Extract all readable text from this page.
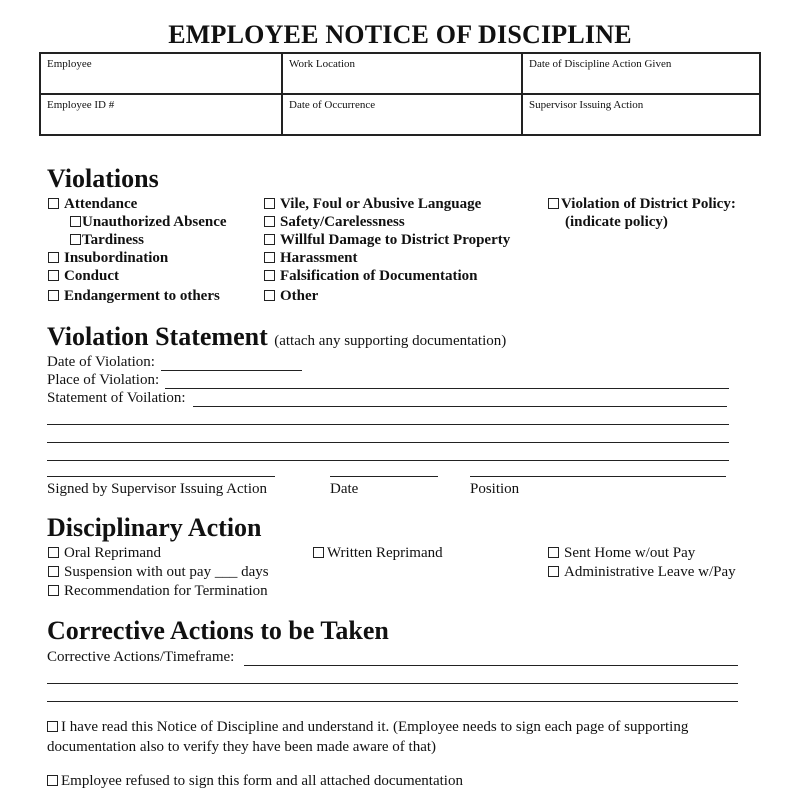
EMPLOYEE NOTICE OF DISCIPLINE
Employee	Work Location	Date of Discipline Action Given
Employee ID #	Date of Occurrence	Supervisor Issuing Action
Violations
Attendance
Unauthorized Absence
Tardiness
Insubordination
Conduct
Endangerment to others
Vile, Foul or Abusive Language
Safety/Carelessness
Willful Damage to District Property
Harassment
Falsification of Documentation
Other
Violation of District Policy:
(indicate policy)
Violation Statement (attach any supporting documentation)
Date of Violation:
Place of Violation:
Statement of Voilation:
Signed by Supervisor Issuing Action	Date	Position
Disciplinary Action
Oral Reprimand	Written Reprimand	Sent Home w/out Pay
Suspension with out pay ___ days	Administrative Leave w/Pay
Recommendation for Termination
Corrective Actions to be Taken
Corrective Actions/Timeframe:
I have read this Notice of Discipline and understand it. (Employee needs to sign each page of supporting
documentation also to verify they have been made aware of that)
Employee refused to sign this form and all attached documentation
